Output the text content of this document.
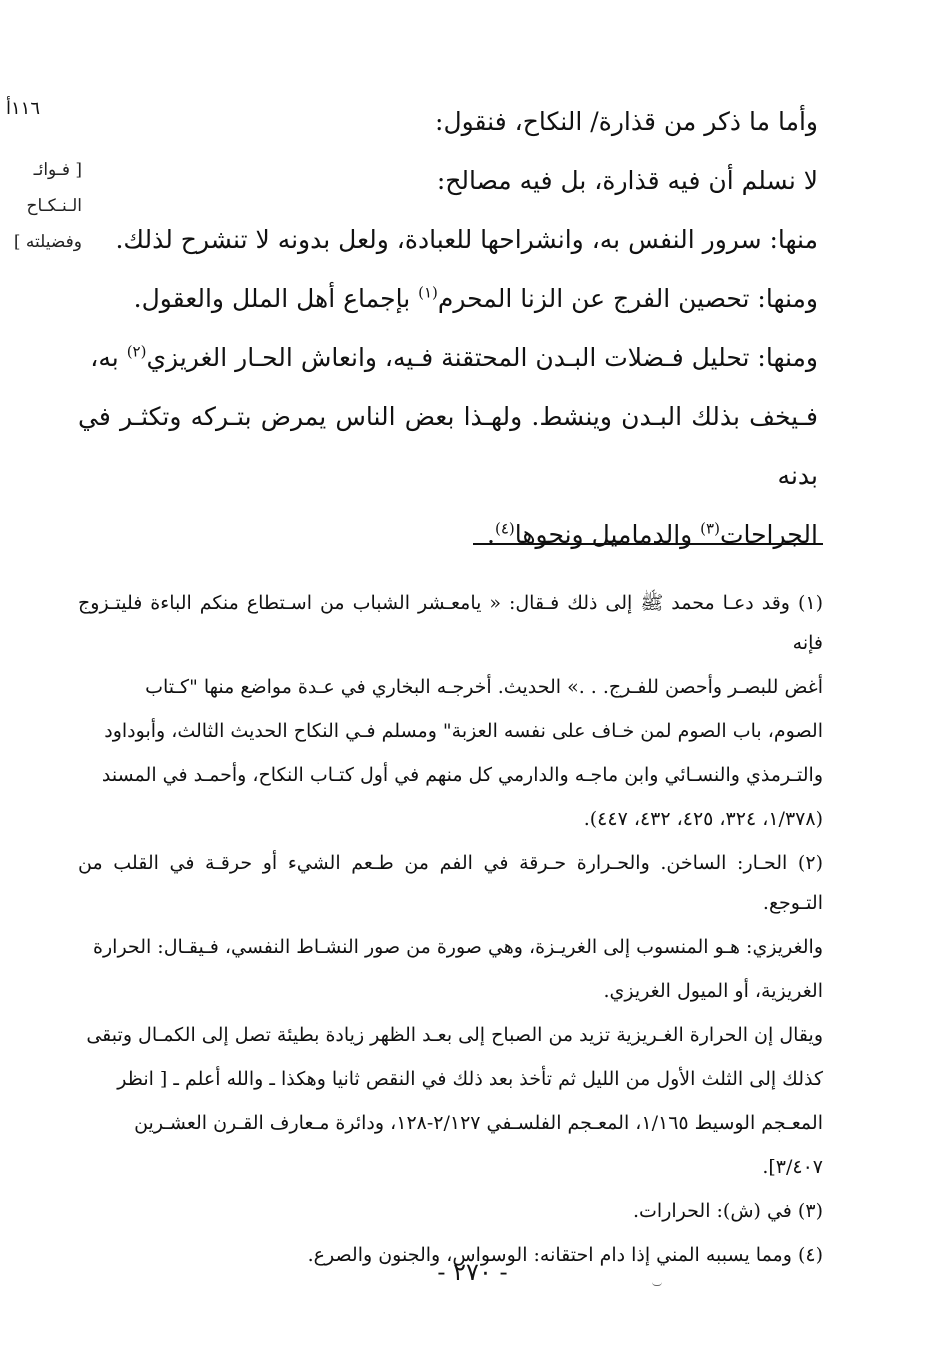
١١٦أ
[ فـوائـ
الـنـكـاح
وفضيلته ]

وأما ما ذكر من قذارة/ النكاح، فنقول:

لا نسلم أن فيه قذارة، بل فيه مصالح:

منها: سرور النفس به، وانشراحها للعبادة، ولعل بدونه لا تنشرح لذلك.

ومنها: تحصين الفرج عن الزنا المحرم$^{(١)}$ بإجماع أهل الملل والعقول.

ومنها: تحليل فـضلات البـدن المحتقنة فـيه، وانعاش الحـار الغريزي$^{(٢)}$ به،

فـيخف بذلك البـدن وينشط. ولهـذا بعض الناس يمرض بتـركه وتكثـر في بدنه

الجراحات$^{(٣)}$ والدماميل ونحوها$^{(٤)}$.

(١) وقد دعـا محمد ﷺ إلى ذلك فـقال: « يامعـشر الشباب من اسـتطاع منكم الباءة فليتـزوج فإنه

أغض للبصـر وأحصن للفـرج. . .» الحديث. أخرجـه البخاري في عـدة مواضع منها "كـتاب

الصوم، باب الصوم لمن خـاف على نفسه العزبة" ومسلم فـي النكاح الحديث الثالث، وأبوداود

والتـرمذي والنسـائي وابن ماجـه والدارمي كل منهم في أول كتـاب النكاح، وأحمـد في المسند

(١/٣٧٨، ٣٢٤، ٤٢٥، ٤٣٢، ٤٤٧).

(٢) الحـار: الساخن. والحـرارة حـرقة في الفم من طـعم الشيء أو حرقـة في القلب من التـوجع.

والغريزي: هـو المنسوب إلى الغريـزة، وهي صورة من صور النشـاط النفسي، فـيقـال: الحرارة

الغريزية، أو الميول الغريزي.

ويقال إن الحرارة الغـريزية تزيد من الصباح إلى بعـد الظهر زيادة بطيئة تصل إلى الكمـال وتبقى

كذلك إلى الثلث الأول من الليل ثم تأخذ بعد ذلك في النقص ثانيا وهكذا ـ والله أعلم ـ [ انظر

المعـجم الوسيط ١/١٦٥، المعـجم الفلسـفي ٢/١٢٧-١٢٨، ودائرة مـعارف القـرن العشـرين

٣/٤٠٧].

(٣) في (ش): الحرارات.

(٤) ومما يسببه المني إذا دام احتقانه: الوسواس، والجنون والصرع.

- ٢٧٠ -
